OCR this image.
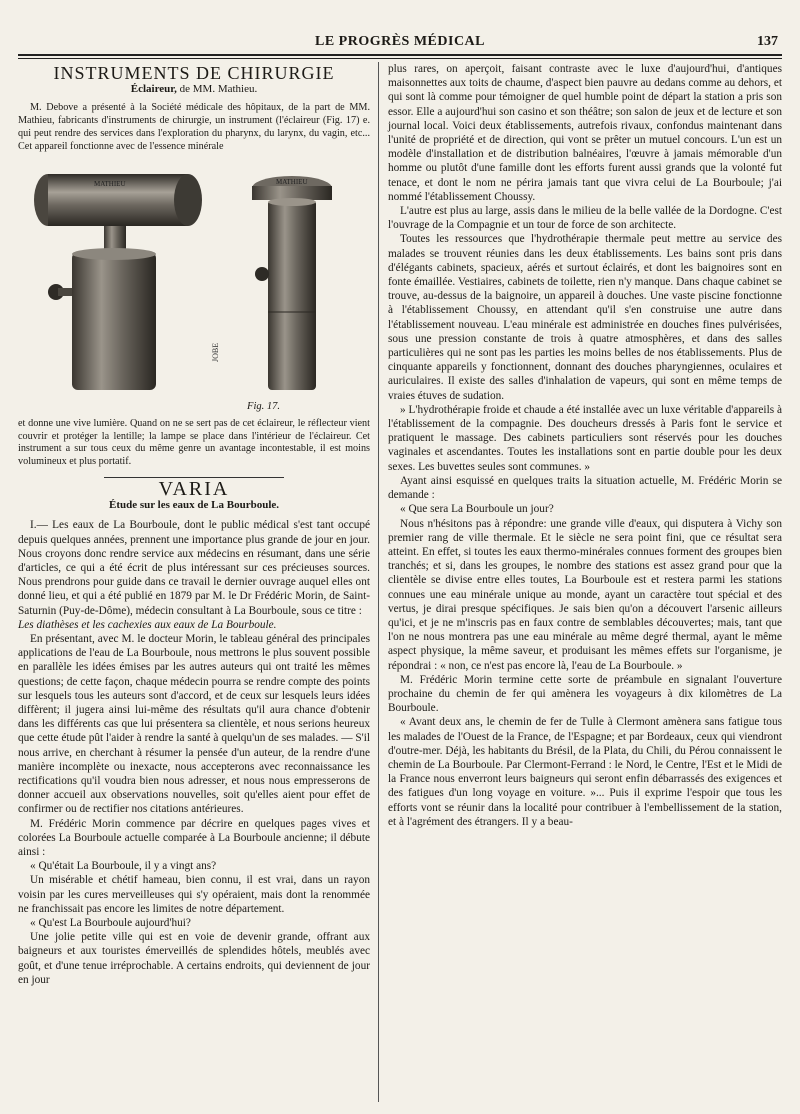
LE PROGRÈS MÉDICAL	137
INSTRUMENTS DE CHIRURGIE
Éclaireur, de MM. Mathieu.

M. Debove a présenté à la Société médicale des hôpitaux, de la part de MM. Mathieu, fabricants d'instruments de chirurgie, un instrument (l'éclaireur (Fig. 17) e. qui peut rendre des services dans l'exploration du pharynx, du larynx, du vagin, etc... Cet appareil fonctionne avec de l'essence minérale

MATHIEU	MATHIEU
JOBE
Fig. 17.

et donne une vive lumière. Quand on ne se sert pas de cet éclaireur, le réflecteur vient couvrir et protéger la lentille; la lampe se place dans l'intérieur de l'éclaireur. Cet instrument a sur tous ceux du même genre un avantage incontestable, il est moins volumineux et plus portatif.

VARIA
Étude sur les eaux de La Bourboule.

I.— Les eaux de La Bourboule, dont le public médical s'est tant occupé depuis quelques années, prennent une importance plus grande de jour en jour. Nous croyons donc rendre service aux médecins en résumant, dans une série d'articles, ce qui a été écrit de plus intéressant sur ces précieuses sources. Nous prendrons pour guide dans ce travail le dernier ouvrage auquel elles ont donné lieu, et qui a été publié en 1879 par M. le Dr Frédéric Morin, de Saint-Saturnin (Puy-de-Dôme), médecin consultant à La Bourboule, sous ce titre :

Les diathèses et les cachexies aux eaux de La Bourboule.

En présentant, avec M. le docteur Morin, le tableau général des principales applications de l'eau de La Bourboule, nous mettrons le plus souvent possible en parallèle les idées émises par les autres auteurs qui ont traité les mêmes questions; de cette façon, chaque médecin pourra se rendre compte des points sur lesquels tous les auteurs sont d'accord, et de ceux sur lesquels leurs idées diffèrent; il jugera ainsi lui-même des résultats qu'il aura chance d'obtenir dans les différents cas que lui présentera sa clientèle, et nous serions heureux que cette étude pût l'aider à rendre la santé à quelqu'un de ses malades. — S'il nous arrive, en cherchant à résumer la pensée d'un auteur, de la rendre d'une manière incomplète ou inexacte, nous accepterons avec reconnaissance les rectifications qu'il voudra bien nous adresser, et nous nous empresserons de donner accueil aux observations nouvelles, soit qu'elles aient pour effet de confirmer ou de rectifier nos citations antérieures.

M. Frédéric Morin commence par décrire en quelques pages vives et colorées La Bourboule actuelle comparée à La Bourboule ancienne; il débute ainsi :

« Qu'était La Bourboule, il y a vingt ans?

Un misérable et chétif hameau, bien connu, il est vrai, dans un rayon voisin par les cures merveilleuses qui s'y opéraient, mais dont la renommée ne franchissait pas encore les limites de notre département.

« Qu'est La Bourboule aujourd'hui?

Une jolie petite ville qui est en voie de devenir grande, offrant aux baigneurs et aux touristes émerveillés de splendides hôtels, meublés avec goût, et d'une tenue irréprochable. A certains endroits, qui deviennent de jour en jour

plus rares, on aperçoit, faisant contraste avec le luxe d'aujourd'hui, d'antiques maisonnettes aux toits de chaume, d'aspect bien pauvre au dedans comme au dehors, et qui sont là comme pour témoigner de quel humble point de départ la station a pris son essor. Elle a aujourd'hui son casino et son théâtre; son salon de jeux et de lecture et son journal local. Voici deux établissements, autrefois rivaux, confondus maintenant dans l'unité de propriété et de direction, qui vont se prêter un mutuel concours. L'un est un modèle d'installation et de distribution balnéaires, l'œuvre à jamais mémorable d'un homme ou plutôt d'une famille dont les efforts furent aussi grands que la volonté fut tenace, et dont le nom ne périra jamais tant que vivra celui de La Bourboule; j'ai nommé l'établissement Choussy.

L'autre est plus au large, assis dans le milieu de la belle vallée de la Dordogne. C'est l'ouvrage de la Compagnie et un tour de force de son architecte.

Toutes les ressources que l'hydrothérapie thermale peut mettre au service des malades se trouvent réunies dans les deux établissements. Les bains sont pris dans d'élégants cabinets, spacieux, aérés et surtout éclairés, et dont les baignoires sont en fonte émaillée. Vestiaires, cabinets de toilette, rien n'y manque. Dans chaque cabinet se trouve, au-dessus de la baignoire, un appareil à douches. Une vaste piscine fonctionne à l'établissement Choussy, en attendant qu'il s'en construise une autre dans l'établissement nouveau. L'eau minérale est administrée en douches fines pulvérisées, sous une pression constante de trois à quatre atmosphères, et dans des salles particulières qui ne sont pas les parties les moins belles de nos établissements. Plus de cinquante appareils y fonctionnent, donnant des douches pharyngiennes, oculaires et auriculaires. Il existe des salles d'inhalation de vapeurs, qui sont en même temps de vraies étuves de sudation.

» L'hydrothérapie froide et chaude a été installée avec un luxe véritable d'appareils à l'établissement de la compagnie. Des doucheurs dressés à Paris font le service et pratiquent le massage. Des cabinets particuliers sont réservés pour les douches vaginales et ascendantes. Toutes les installations sont en partie double pour les deux sexes. Les buvettes seules sont communes. »

Ayant ainsi esquissé en quelques traits la situation actuelle, M. Frédéric Morin se demande :

« Que sera La Bourboule un jour?

Nous n'hésitons pas à répondre: une grande ville d'eaux, qui disputera à Vichy son premier rang de ville thermale. Et le siècle ne sera point fini, que ce résultat sera atteint. En effet, si toutes les eaux thermo-minérales connues forment des groupes bien tranchés; et si, dans les groupes, le nombre des stations est assez grand pour que la clientèle se divise entre elles toutes, La Bourboule est et restera parmi les stations connues une eau minérale unique au monde, ayant un caractère tout spécial et des vertus, je dirai presque spécifiques. Je sais bien qu'on a découvert l'arsenic ailleurs qu'ici, et je ne m'inscris pas en faux contre de semblables découvertes; mais, tant que l'on ne nous montrera pas une eau minérale au même degré thermal, ayant le même aspect physique, la même saveur, et produisant les mêmes effets sur l'organisme, je répondrai : « non, ce n'est pas encore là, l'eau de La Bourboule. »

M. Frédéric Morin termine cette sorte de préambule en signalant l'ouverture prochaine du chemin de fer qui amènera les voyageurs à dix kilomètres de La Bourboule.

« Avant deux ans, le chemin de fer de Tulle à Clermont amènera sans fatigue tous les malades de l'Ouest de la France, de l'Espagne; et par Bordeaux, ceux qui viendront d'outre-mer. Déjà, les habitants du Brésil, de la Plata, du Chili, du Pérou connaissent le chemin de La Bourboule. Par Clermont-Ferrand : le Nord, le Centre, l'Est et le Midi de la France nous enverront leurs baigneurs qui seront enfin débarrassés des exigences et des fatigues d'un long voyage en voiture. »... Puis il exprime l'espoir que tous les efforts vont se réunir dans la localité pour contribuer à l'embellissement de la station, et à l'agrément des étrangers. Il y a beau-
